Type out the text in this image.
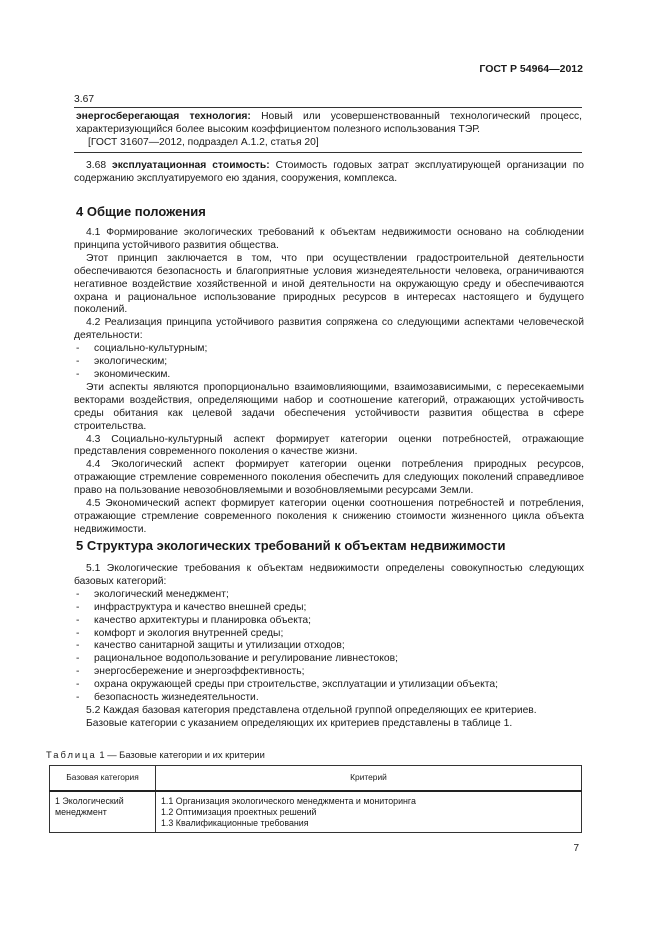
ГОСТ Р 54964—2012
3.67

энергосберегающая технология: Новый или усовершенствованный технологический процесс, характеризующийся более высоким коэффициентом полезного использования ТЭР.

[ГОСТ 31607—2012, подраздел А.1.2, статья 20]

3.68 эксплуатационная стоимость: Стоимость годовых затрат эксплуатирующей организации по содержанию эксплуатируемого ею здания, сооружения, комплекса.

4 Общие положения

4.1 Формирование экологических требований к объектам недвижимости основано на соблюдении принципа устойчивого развития общества.

Этот принцип заключается в том, что при осуществлении градостроительной деятельности обеспечиваются безопасность и благоприятные условия жизнедеятельности человека, ограничиваются негативное воздействие хозяйственной и иной деятельности на окружающую среду и обеспечиваются охрана и рациональное использование природных ресурсов в интересах настоящего и будущего поколений.

4.2 Реализация принципа устойчивого развития сопряжена со следующими аспектами человеческой деятельности:

- социально-культурным;
- экологическим;
- экономическим.

Эти аспекты являются пропорционально взаимовлияющими, взаимозависимыми, с пересекаемыми векторами воздействия, определяющими набор и соотношение категорий, отражающих устойчивость среды обитания как целевой задачи обеспечения устойчивости развития общества в сфере строительства.

4.3 Социально-культурный аспект формирует категории оценки потребностей, отражающие представления современного поколения о качестве жизни.

4.4 Экологический аспект формирует категории оценки потребления природных ресурсов, отражающие стремление современного поколения обеспечить для следующих поколений справедливое право на пользование невозобновляемыми и возобновляемыми ресурсами Земли.

4.5 Экономический аспект формирует категории оценки соотношения потребностей и потребления, отражающие стремление современного поколения к снижению стоимости жизненного цикла объекта недвижимости.

5 Структура экологических требований к объектам недвижимости

5.1 Экологические требования к объектам недвижимости определены совокупностью следующих базовых категорий:

- экологический менеджмент;
- инфраструктура и качество внешней среды;
- качество архитектуры и планировка объекта;
- комфорт и экология внутренней среды;
- качество санитарной защиты и утилизации отходов;
- рациональное водопользование и регулирование ливнестоков;
- энергосбережение и энергоэффективность;
- охрана окружающей среды при строительстве, эксплуатации и утилизации объекта;
- безопасность жизнедеятельности.

5.2 Каждая базовая категория представлена отдельной группой определяющих ее критериев.

Базовые категории с указанием определяющих их критериев представлены в таблице 1.

Таблица 1 — Базовые категории и их критерии
Базовая категория	Критерий
1 Экологический менеджмент	1.1 Организация экологического менеджмента и мониторинга
1.2 Оптимизация проектных решений
1.3 Квалификационные требования
7
